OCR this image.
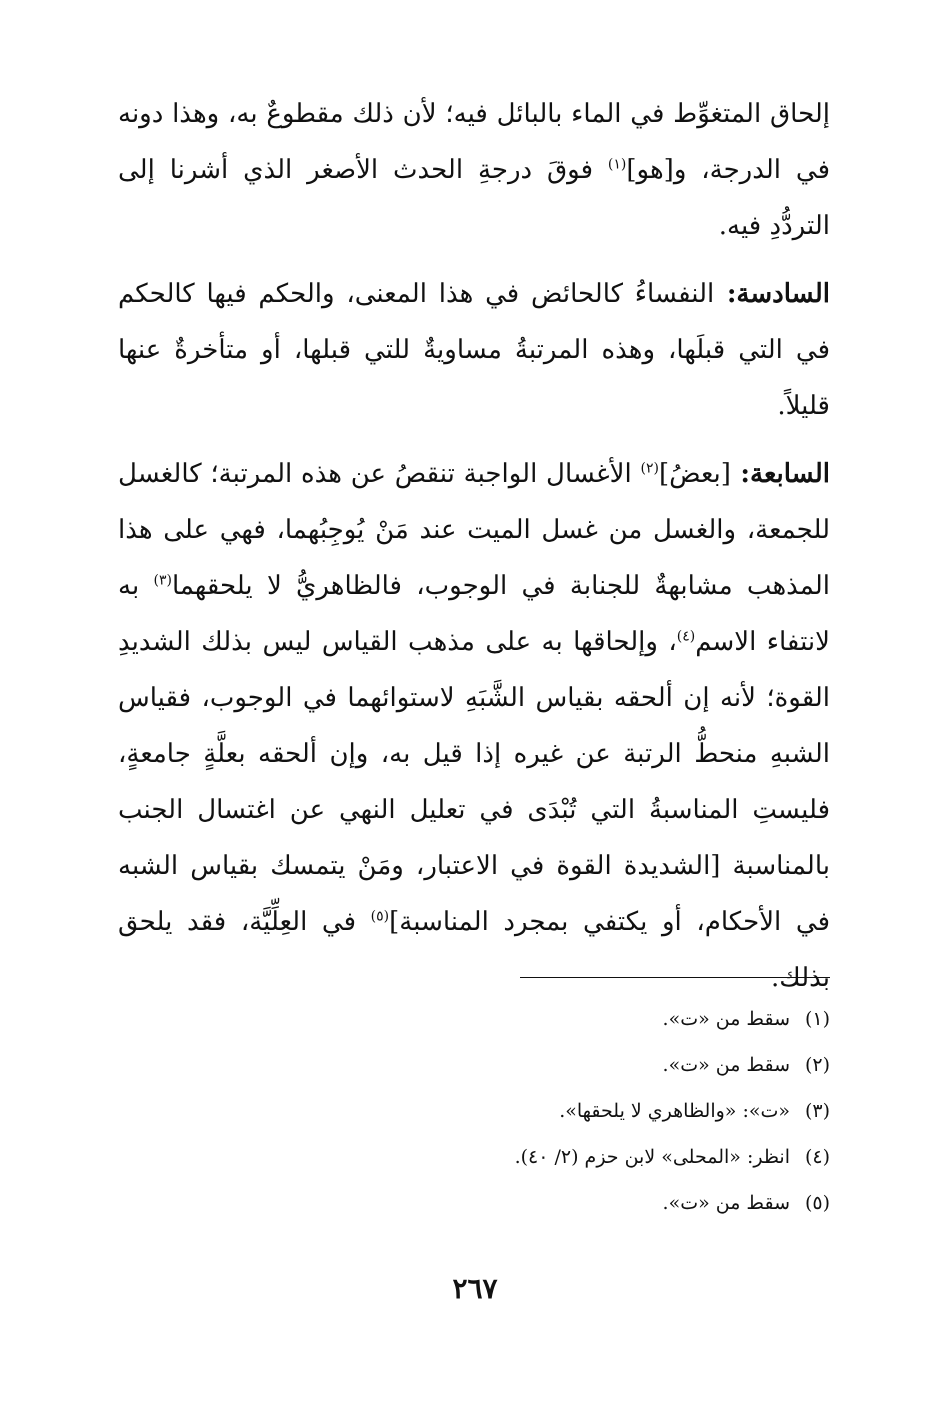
إلحاق المتغوِّط في الماء بالبائل فيه؛ لأن ذلك مقطوعٌ به، وهذا دونه في الدرجة، و[هو]$^{(١)}$ فوقَ درجةِ الحدث الأصغر الذي أشرنا إلى التردُّدِ فيه.

السادسة: النفساءُ كالحائض في هذا المعنى، والحكم فيها كالحكم في التي قبلَها، وهذه المرتبةُ مساويةٌ للتي قبلها، أو متأخرةٌ عنها قليلاً.

السابعة: [بعضُ]$^{(٢)}$ الأغسال الواجبة تنقصُ عن هذه المرتبة؛ كالغسل للجمعة، والغسل من غسل الميت عند مَنْ يُوجِبُهما، فهي على هذا المذهب مشابهةٌ للجنابة في الوجوب، فالظاهريُّ لا يلحقهما$^{(٣)}$ به لانتفاء الاسم$^{(٤)}$، وإلحاقها به على مذهب القياس ليس بذلك الشديدِ القوة؛ لأنه إن ألحقه بقياس الشَّبَهِ لاستوائهما في الوجوب، فقياس الشبهِ منحطُّ الرتبة عن غيره إذا قيل به، وإن ألحقه بعلَّةٍ جامعةٍ، فليستِ المناسبةُ التي تُبْدَى في تعليل النهي عن اغتسال الجنب بالمناسبة [الشديدة القوة في الاعتبار، ومَنْ يتمسك بقياس الشبه في الأحكام، أو يكتفي بمجرد المناسبة]$^{(٥)}$ في العِلِّيَّة، فقد يلحق بذلك.

(١)
سقط من «ت».
(٢)
سقط من «ت».
(٣)
«ت»: «والظاهري لا يلحقها».
(٤)
انظر: «المحلى» لابن حزم (٢/ ٤٠).
(٥)
سقط من «ت».
٢٦٧
